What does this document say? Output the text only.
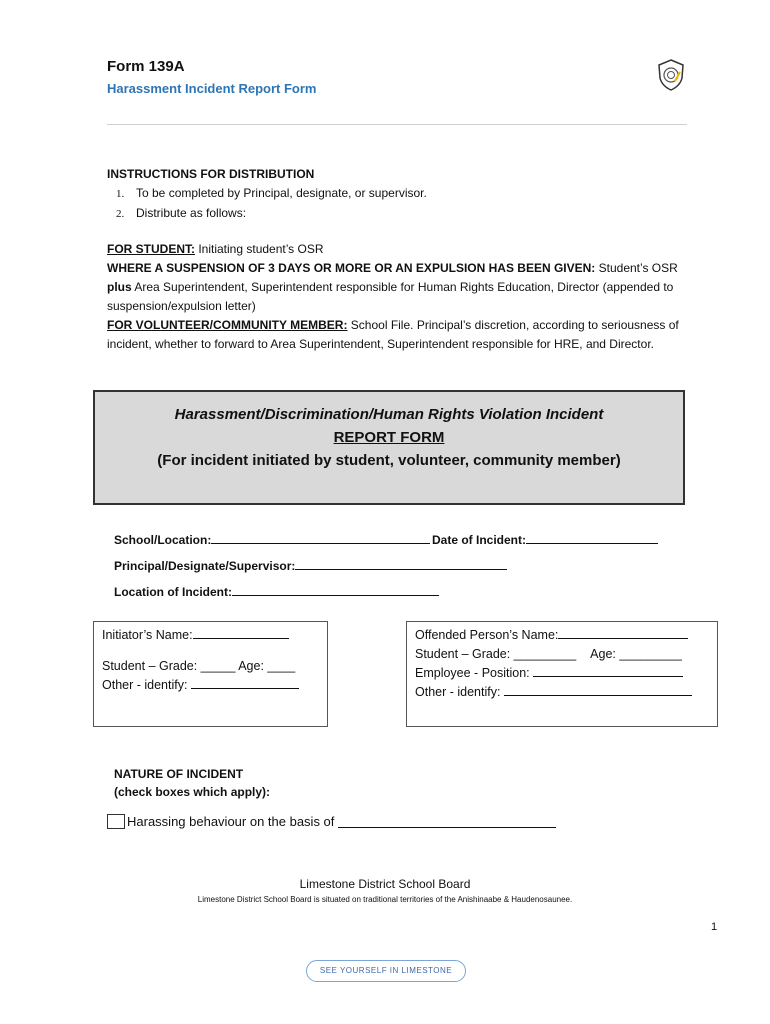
Form 139A
Harassment Incident Report Form
INSTRUCTIONS FOR DISTRIBUTION
1. To be completed by Principal, designate, or supervisor.
2. Distribute as follows:
FOR STUDENT: Initiating student’s OSR
WHERE A SUSPENSION OF 3 DAYS OR MORE OR AN EXPULSION HAS BEEN GIVEN: Student’s OSR plus Area Superintendent, Superintendent responsible for Human Rights Education, Director (appended to suspension/expulsion letter)
FOR VOLUNTEER/COMMUNITY MEMBER: School File. Principal’s discretion, according to seriousness of incident, whether to forward to Area Superintendent, Superintendent responsible for HRE, and Director.
Harassment/Discrimination/Human Rights Violation Incident
REPORT FORM
(For incident initiated by student, volunteer, community member)
School/Location:	Date of Incident:
Principal/Designate/Supervisor:
Location of Incident:
Initiator’s Name:
Student – Grade: _____ Age: ____
Other - identify:
Offended Person’s Name:
Student – Grade: _________ Age: _________
Employee - Position:
Other - identify:
NATURE OF INCIDENT
(check boxes which apply):
Harassing behaviour on the basis of
Limestone District School Board
Limestone District School Board is situated on traditional territories of the Anishinaabe & Haudenosaunee.
1
SEE YOURSELF IN LIMESTONE
